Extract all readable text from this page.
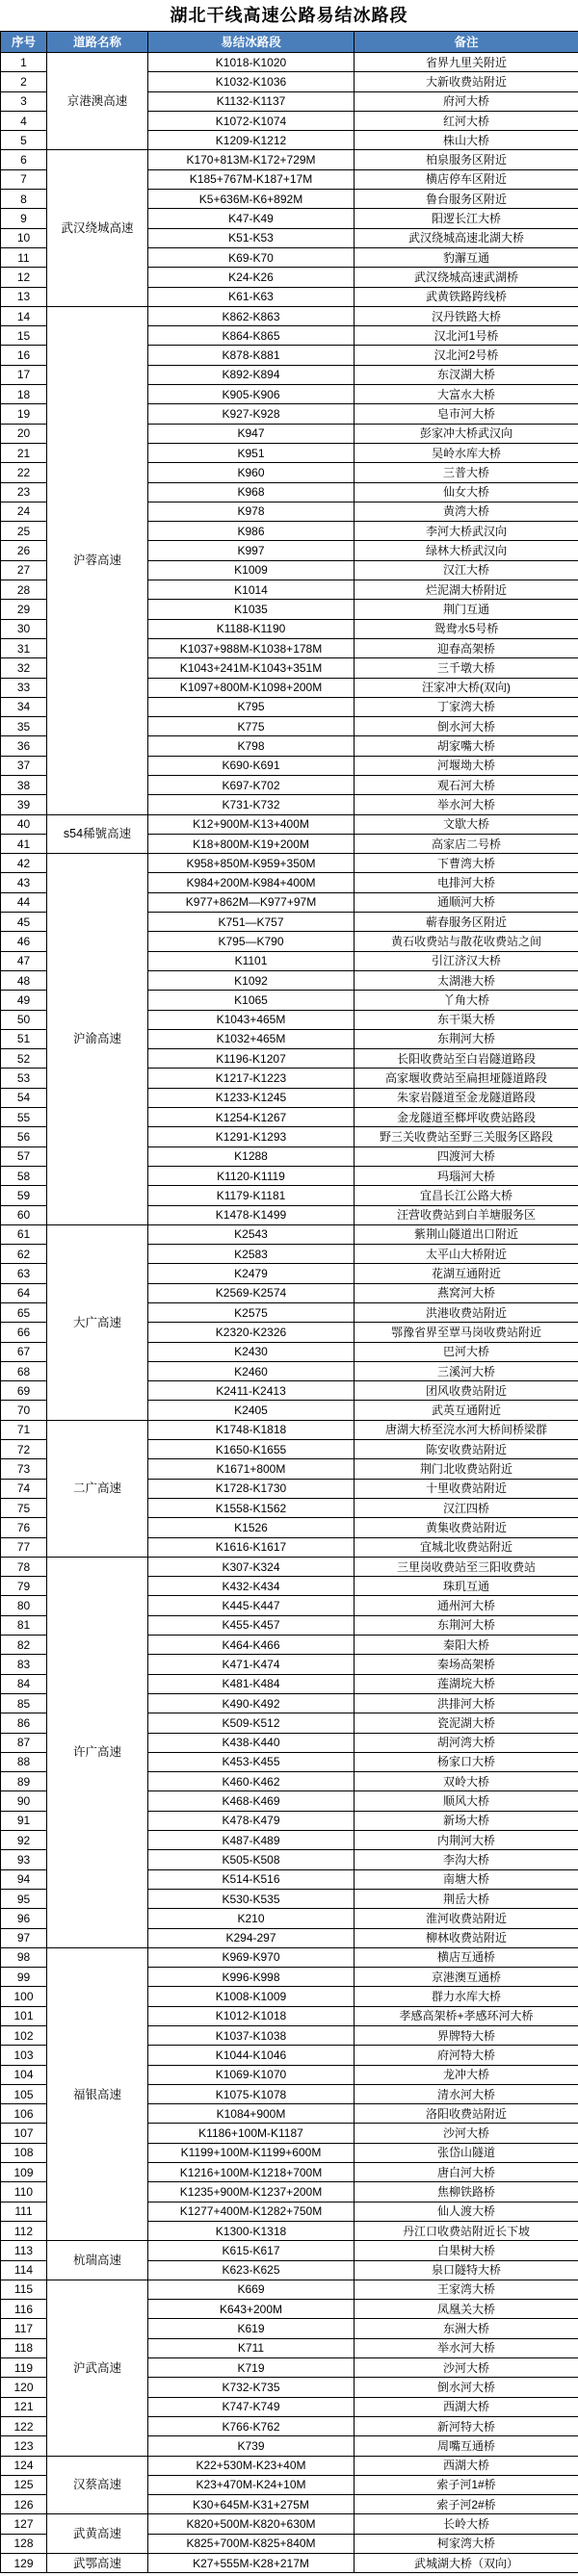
湖北干线高速公路易结冰路段
序号	道路名称	易结冰路段	备注
1	京港澳高速	K1018-K1020	省界九里关附近
2		K1032-K1036	大新收费站附近
3		K1132-K1137	府河大桥
4		K1072-K1074	红河大桥
5		K1209-K1212	株山大桥
6	武汉绕城高速	K170+813M-K172+729M	柏泉服务区附近
7		K185+767M-K187+17M	横店停车区附近
8		K5+636M-K6+892M	鲁台服务区附近
9		K47-K49	阳逻长江大桥
10		K51-K53	武汉绕城高速北湖大桥
11		K69-K70	豹澥互通
12		K24-K26	武汉绕城高速武湖桥
13		K61-K63	武黄铁路跨线桥
14	沪蓉高速	K862-K863	汉丹铁路大桥
15		K864-K865	汉北河1号桥
16		K878-K881	汉北河2号桥
17		K892-K894	东汊湖大桥
18		K905-K906	大富水大桥
19		K927-K928	皂市河大桥
20		K947	彭家冲大桥武汉向
21		K951	吴岭水库大桥
22		K960	三普大桥
23		K968	仙女大桥
24		K978	黄湾大桥
25		K986	李河大桥武汉向
26		K997	绿林大桥武汉向
27		K1009	汉江大桥
28		K1014	烂泥湖大桥附近
29		K1035	荆门互通
30		K1188-K1190	鸳鸯水5号桥
31		K1037+988M-K1038+178M	迎春高架桥
32		K1043+241M-K1043+351M	三千墩大桥
33		K1097+800M-K1098+200M	汪家冲大桥(双向)
34		K795	丁家湾大桥
35		K775	倒水河大桥
36		K798	胡家嘴大桥
37		K690-K691	河堰坳大桥
38		K697-K702	观石河大桥
39		K731-K732	举水河大桥
40	s54稀號高速	K12+900M-K13+400M	文歇大桥
41		K18+800M-K19+200M	高家店二号桥
42	沪渝高速	K958+850M-K959+350M	下曹湾大桥
43		K984+200M-K984+400M	电排河大桥
44		K977+862M—K977+97M	通顺河大桥
45		K751—K757	蕲春服务区附近
46		K795—K790	黄石收费站与散花收费站之间
47		K1101	引江济汉大桥
48		K1092	太湖港大桥
49		K1065	丫角大桥
50		K1043+465M	东干渠大桥
51		K1032+465M	东荆河大桥
52		K1196-K1207	长阳收费站至白岩隧道路段
53		K1217-K1223	高家堰收费站至扁担垭隧道路段
54		K1233-K1245	朱家岩隧道至金龙隧道路段
55		K1254-K1267	金龙隧道至榔坪收费站路段
56		K1291-K1293	野三关收费站至野三关服务区路段
57		K1288	四渡河大桥
58		K1120-K1119	玛瑙河大桥
59		K1179-K1181	宜昌长江公路大桥
60		K1478-K1499	汪营收费站到白羊塘服务区
61	大广高速	K2543	紫荆山隧道出口附近
62		K2583	太平山大桥附近
63		K2479	花湖互通附近
64		K2569-K2574	燕窝河大桥
65		K2575	洪港收费站附近
66		K2320-K2326	鄂豫省界至覃马岗收费站附近
67		K2430	巴河大桥
68		K2460	三溪河大桥
69		K2411-K2413	团风收费站附近
70		K2405	武英互通附近
71	二广高速	K1748-K1818	唐湖大桥至浣水河大桥间桥梁群
72		K1650-K1655	陈安收费站附近
73		K1671+800M	荆门北收费站附近
74		K1728-K1730	十里收费站附近
75		K1558-K1562	汉江四桥
76		K1526	黄集收费站附近
77		K1616-K1617	宜城北收费站附近
78	许广高速	K307-K324	三里岗收费站至三阳收费站
79		K432-K434	珠玑互通
80		K445-K447	通州河大桥
81		K455-K457	东荆河大桥
82		K464-K466	秦阳大桥
83		K471-K474	秦场高架桥
84		K481-K484	莲湖垸大桥
85		K490-K492	洪排河大桥
86		K509-K512	瓷泥湖大桥
87		K438-K440	胡河湾大桥
88		K453-K455	杨家口大桥
89		K460-K462	双岭大桥
90		K468-K469	顺风大桥
91		K478-K479	新场大桥
92		K487-K489	内荆河大桥
93		K505-K508	李沟大桥
94		K514-K516	南塘大桥
95		K530-K535	荆岳大桥
96		K210	淮河收费站附近
97		K294-297	柳林收费站附近
98	福银高速	K969-K970	横店互通桥
99		K996-K998	京港澳互通桥
100		K1008-K1009	群力水库大桥
101		K1012-K1018	孝感高架桥+孝感环河大桥
102		K1037-K1038	界牌特大桥
103		K1044-K1046	府河特大桥
104		K1069-K1070	龙冲大桥
105		K1075-K1078	清水河大桥
106		K1084+900M	洛阳收费站附近
107		K1186+100M-K1187	沙河大桥
108		K1199+100M-K1199+600M	张岱山隧道
109		K1216+100M-K1218+700M	唐白河大桥
110		K1235+900M-K1237+200M	焦柳铁路桥
111		K1277+400M-K1282+750M	仙人渡大桥
112		K1300-K1318	丹江口收费站附近长下坡
113	杭瑞高速	K615-K617	白果树大桥
114		K623-K625	泉口隧特大桥
115	沪武高速	K669	王家湾大桥
116		K643+200M	凤凰关大桥
117		K619	东洲大桥
118		K711	举水河大桥
119		K719	沙河大桥
120		K732-K735	倒水河大桥
121		K747-K749	西湖大桥
122		K766-K762	新河特大桥
123		K739	周嘴互通桥
124	汉蔡高速	K22+530M-K23+40M	西湖大桥
125		K23+470M-K24+10M	索子河1#桥
126		K30+645M-K31+275M	索子河2#桥
127	武黄高速	K820+500M-K820+630M	长岭大桥
128		K825+700M-K825+840M	柯家湾大桥
129	武鄂高速	K27+555M-K28+217M	武城湖大桥（双向）
